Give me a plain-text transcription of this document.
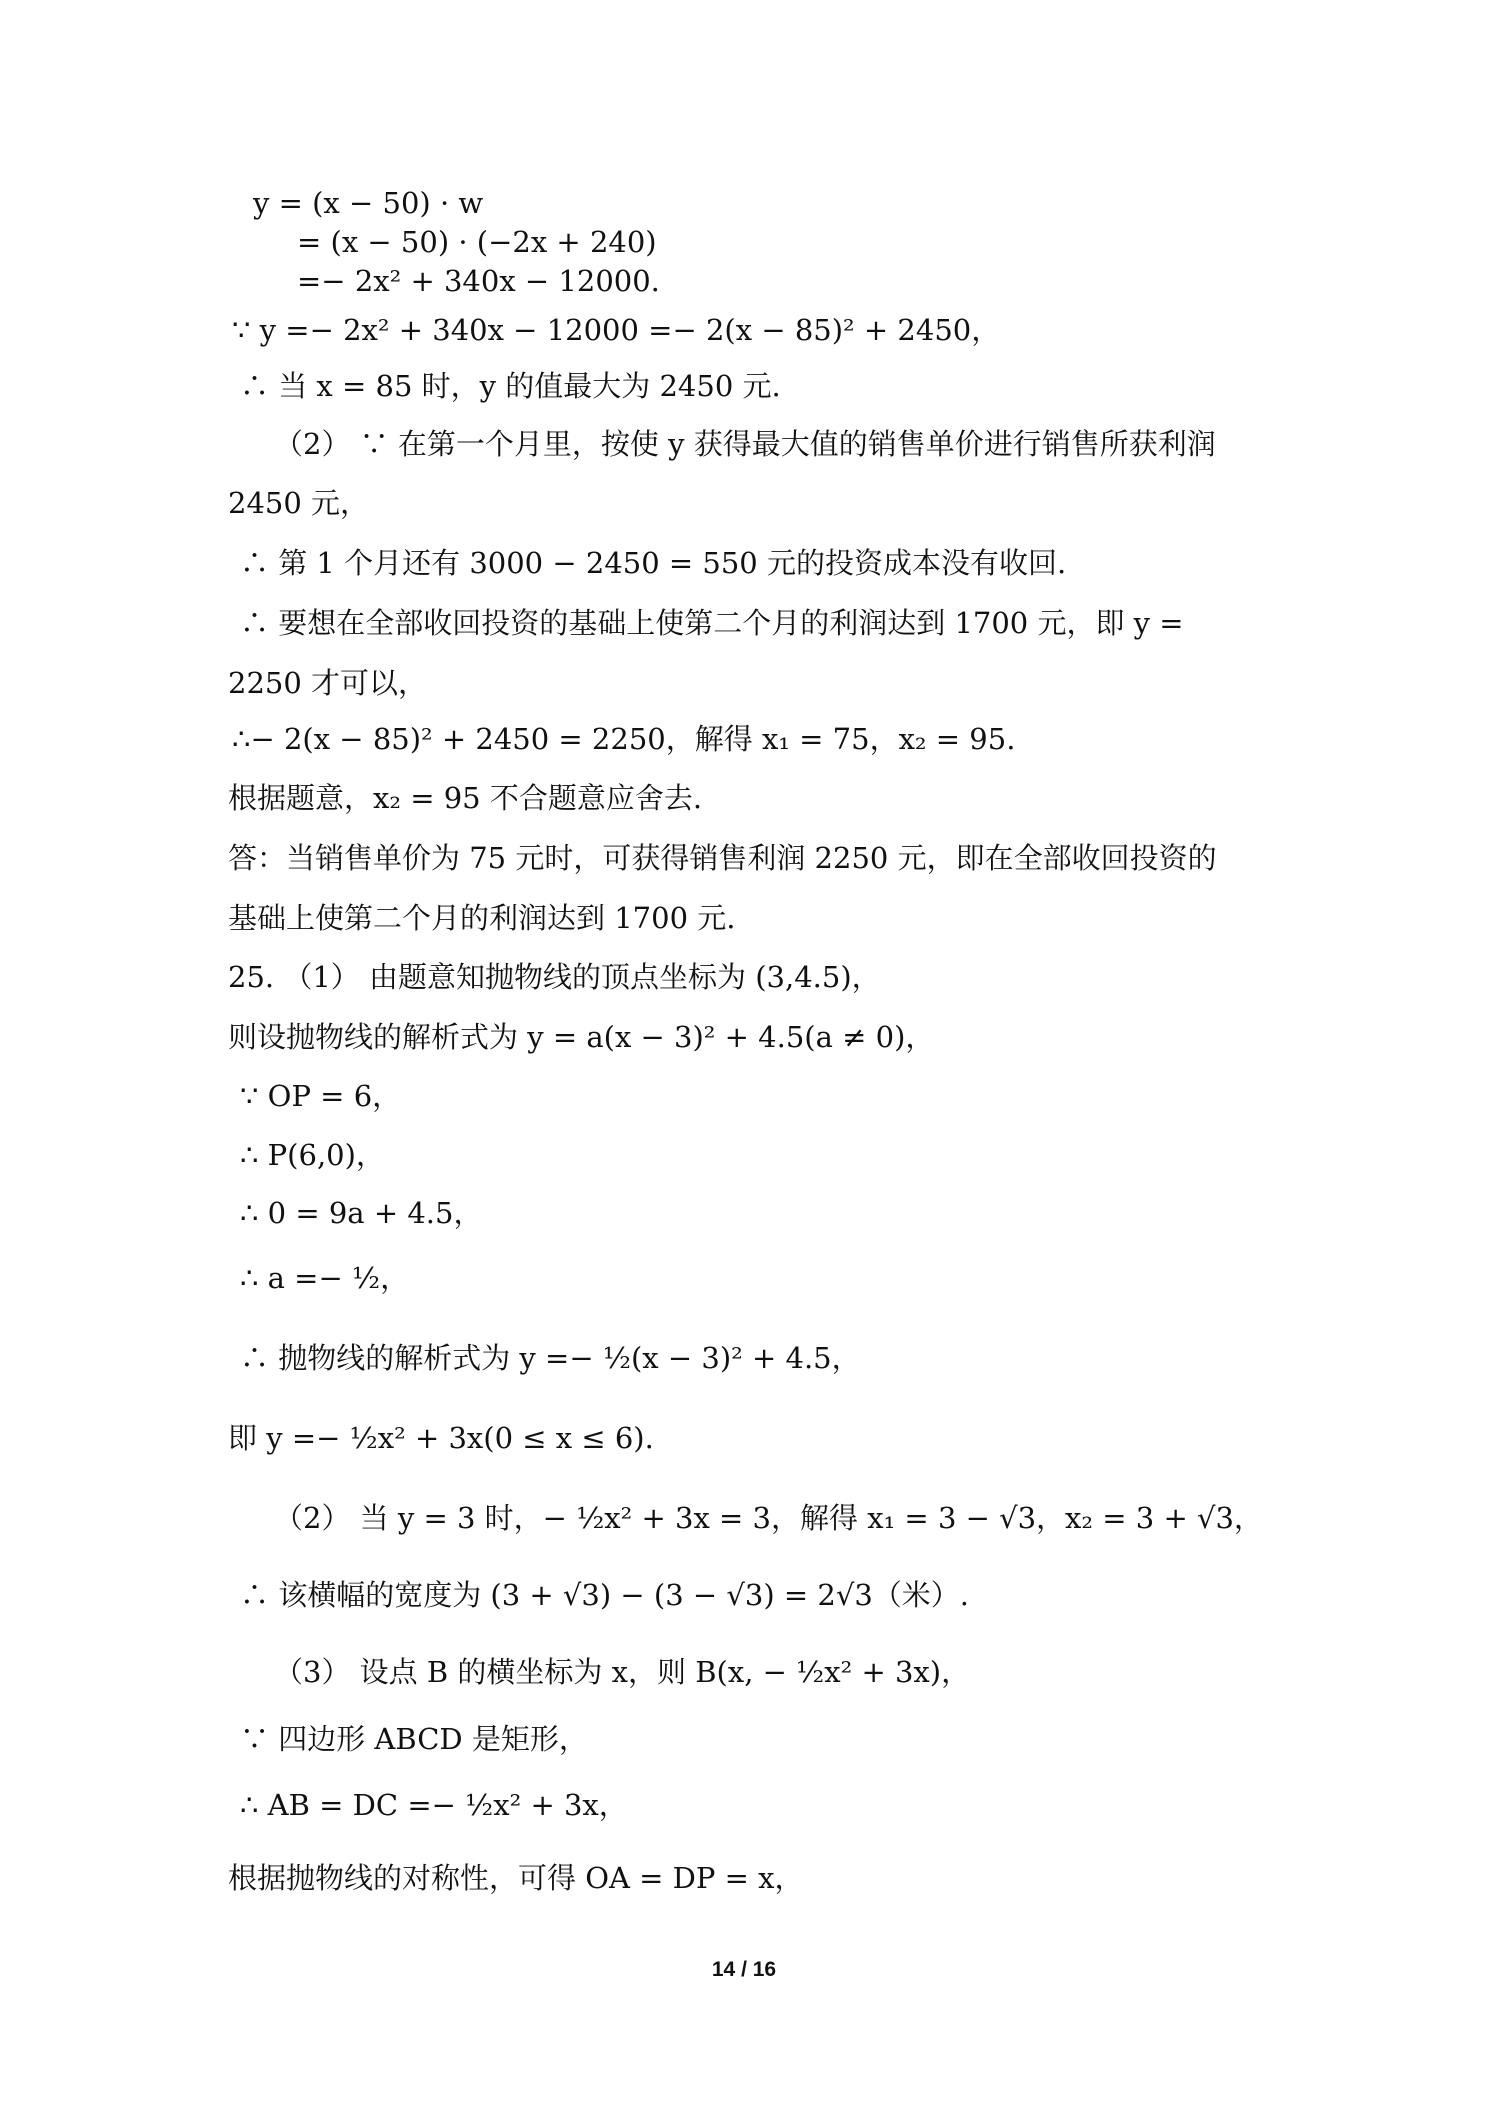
y = (x − 50) · w
= (x − 50) · (−2x + 240)
=− 2x² + 340x − 12000.
∵ y =− 2x² + 340x − 12000 =− 2(x − 85)² + 2450，
∴ 当 x = 85 时，y 的值最大为 2450 元.
（2） ∵ 在第一个月里，按使 y 获得最大值的销售单价进行销售所获利润
2450 元，
∴ 第 1 个月还有 3000 − 2450 = 550 元的投资成本没有收回.
∴ 要想在全部收回投资的基础上使第二个月的利润达到 1700 元，即 y =
2250 才可以，
∴− 2(x − 85)² + 2450 = 2250，解得 x₁ = 75，x₂ = 95.
根据题意，x₂ = 95 不合题意应舍去.
答：当销售单价为 75 元时，可获得销售利润 2250 元，即在全部收回投资的
基础上使第二个月的利润达到 1700 元.
25. （1） 由题意知抛物线的顶点坐标为 (3,4.5)，
则设抛物线的解析式为 y = a(x − 3)² + 4.5(a ≠ 0)，
∵ OP = 6，
∴ P(6,0)，
∴ 0 = 9a + 4.5，
∴ a =− ½，
∴ 抛物线的解析式为 y =− ½(x − 3)² + 4.5，
即 y =− ½x² + 3x(0 ≤ x ≤ 6).
（2） 当 y = 3 时，− ½x² + 3x = 3，解得 x₁ = 3 − √3，x₂ = 3 + √3，
∴ 该横幅的宽度为 (3 + √3) − (3 − √3) = 2√3（米）.
（3） 设点 B 的横坐标为 x，则 B(x, − ½x² + 3x)，
∵ 四边形 ABCD 是矩形，
∴ AB = DC =− ½x² + 3x，
根据抛物线的对称性，可得 OA = DP = x，
14 / 16
